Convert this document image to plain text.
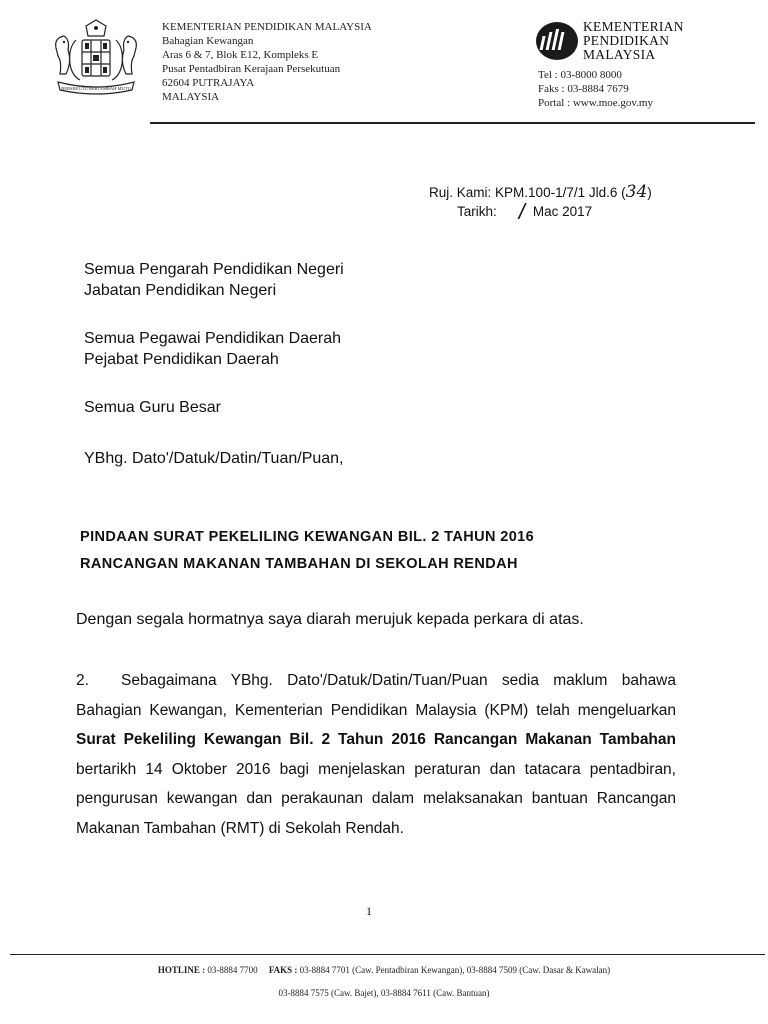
BERSEKUTU BERTAMBAH MUTU
KEMENTERIAN PENDIDIKAN MALAYSIA
Bahagian Kewangan
Aras 6 & 7, Blok E12, Kompleks E
Pusat Pentadbiran Kerajaan Persekutuan
62604 PUTRAJAYA
MALAYSIA
KEMENTERIAN
PENDIDIKAN
MALAYSIA
Tel : 03-8000 8000
Faks : 03-8884 7679
Portal : www.moe.gov.my
Ruj. Kami: KPM.100-1/7/1 Jld.6 (34)
Tarikh: / Mac 2017
Semua Pengarah Pendidikan Negeri
Jabatan Pendidikan Negeri
Semua Pegawai Pendidikan Daerah
Pejabat Pendidikan Daerah
Semua Guru Besar
YBhg. Dato'/Datuk/Datin/Tuan/Puan,
PINDAAN SURAT PEKELILING KEWANGAN BIL. 2 TAHUN 2016
RANCANGAN MAKANAN TAMBAHAN DI SEKOLAH RENDAH
Dengan segala hormatnya saya diarah merujuk kepada perkara di atas.
2. Sebagaimana YBhg. Dato'/Datuk/Datin/Tuan/Puan sedia maklum bahawa Bahagian Kewangan, Kementerian Pendidikan Malaysia (KPM) telah mengeluarkan Surat Pekeliling Kewangan Bil. 2 Tahun 2016 Rancangan Makanan Tambahan bertarikh 14 Oktober 2016 bagi menjelaskan peraturan dan tatacara pentadbiran, pengurusan kewangan dan perakaunan dalam melaksanakan bantuan Rancangan Makanan Tambahan (RMT) di Sekolah Rendah.
1
HOTLINE : 03-8884 7700 FAKS : 03-8884 7701 (Caw. Pentadbiran Kewangan), 03-8884 7509 (Caw. Dasar & Kawalan)
03-8884 7575 (Caw. Bajet), 03-8884 7611 (Caw. Bantuan)
